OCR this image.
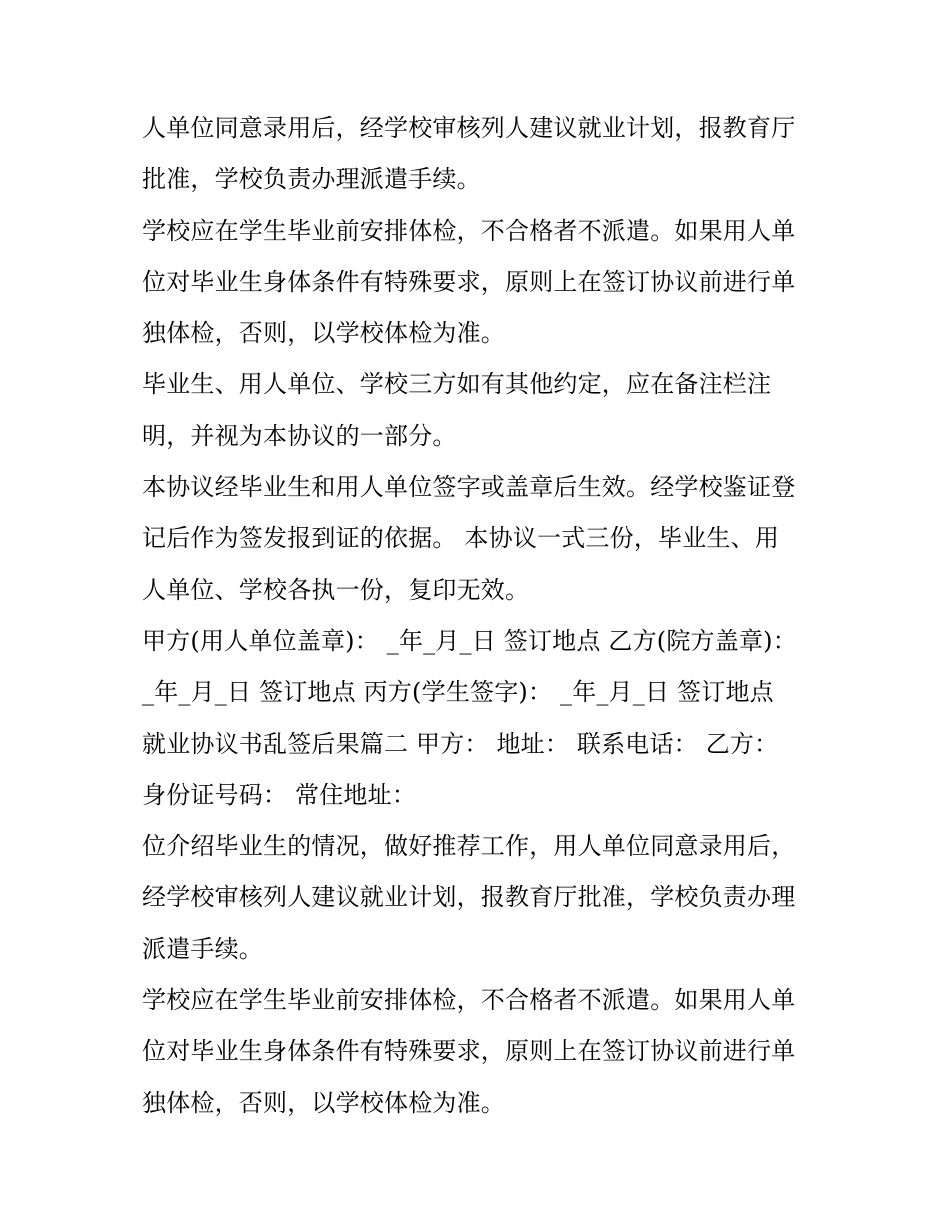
人单位同意录用后，经学校审核列人建议就业计划，报教育厅
批准，学校负责办理派遣手续。

学校应在学生毕业前安排体检，不合格者不派遣。如果用人单
位对毕业生身体条件有特殊要求，原则上在签订协议前进行单
独体检，否则，以学校体检为准。

毕业生、用人单位、学校三方如有其他约定，应在备注栏注
明，并视为本协议的一部分。

本协议经毕业生和用人单位签字或盖章后生效。经学校鉴证登
记后作为签发报到证的依据。 本协议一式三份，毕业生、用
人单位、学校各执一份，复印无效。

甲方(用人单位盖章)： _年_月_日 签订地点 乙方(院方盖章)：
_年_月_日 签订地点 丙方(学生签字)： _年_月_日 签订地点
就业协议书乱签后果篇二 甲方： 地址： 联系电话： 乙方：
身份证号码： 常住地址：

位介绍毕业生的情况，做好推荐工作，用人单位同意录用后，
经学校审核列人建议就业计划，报教育厅批准，学校负责办理
派遣手续。

学校应在学生毕业前安排体检，不合格者不派遣。如果用人单
位对毕业生身体条件有特殊要求，原则上在签订协议前进行单
独体检，否则，以学校体检为准。
